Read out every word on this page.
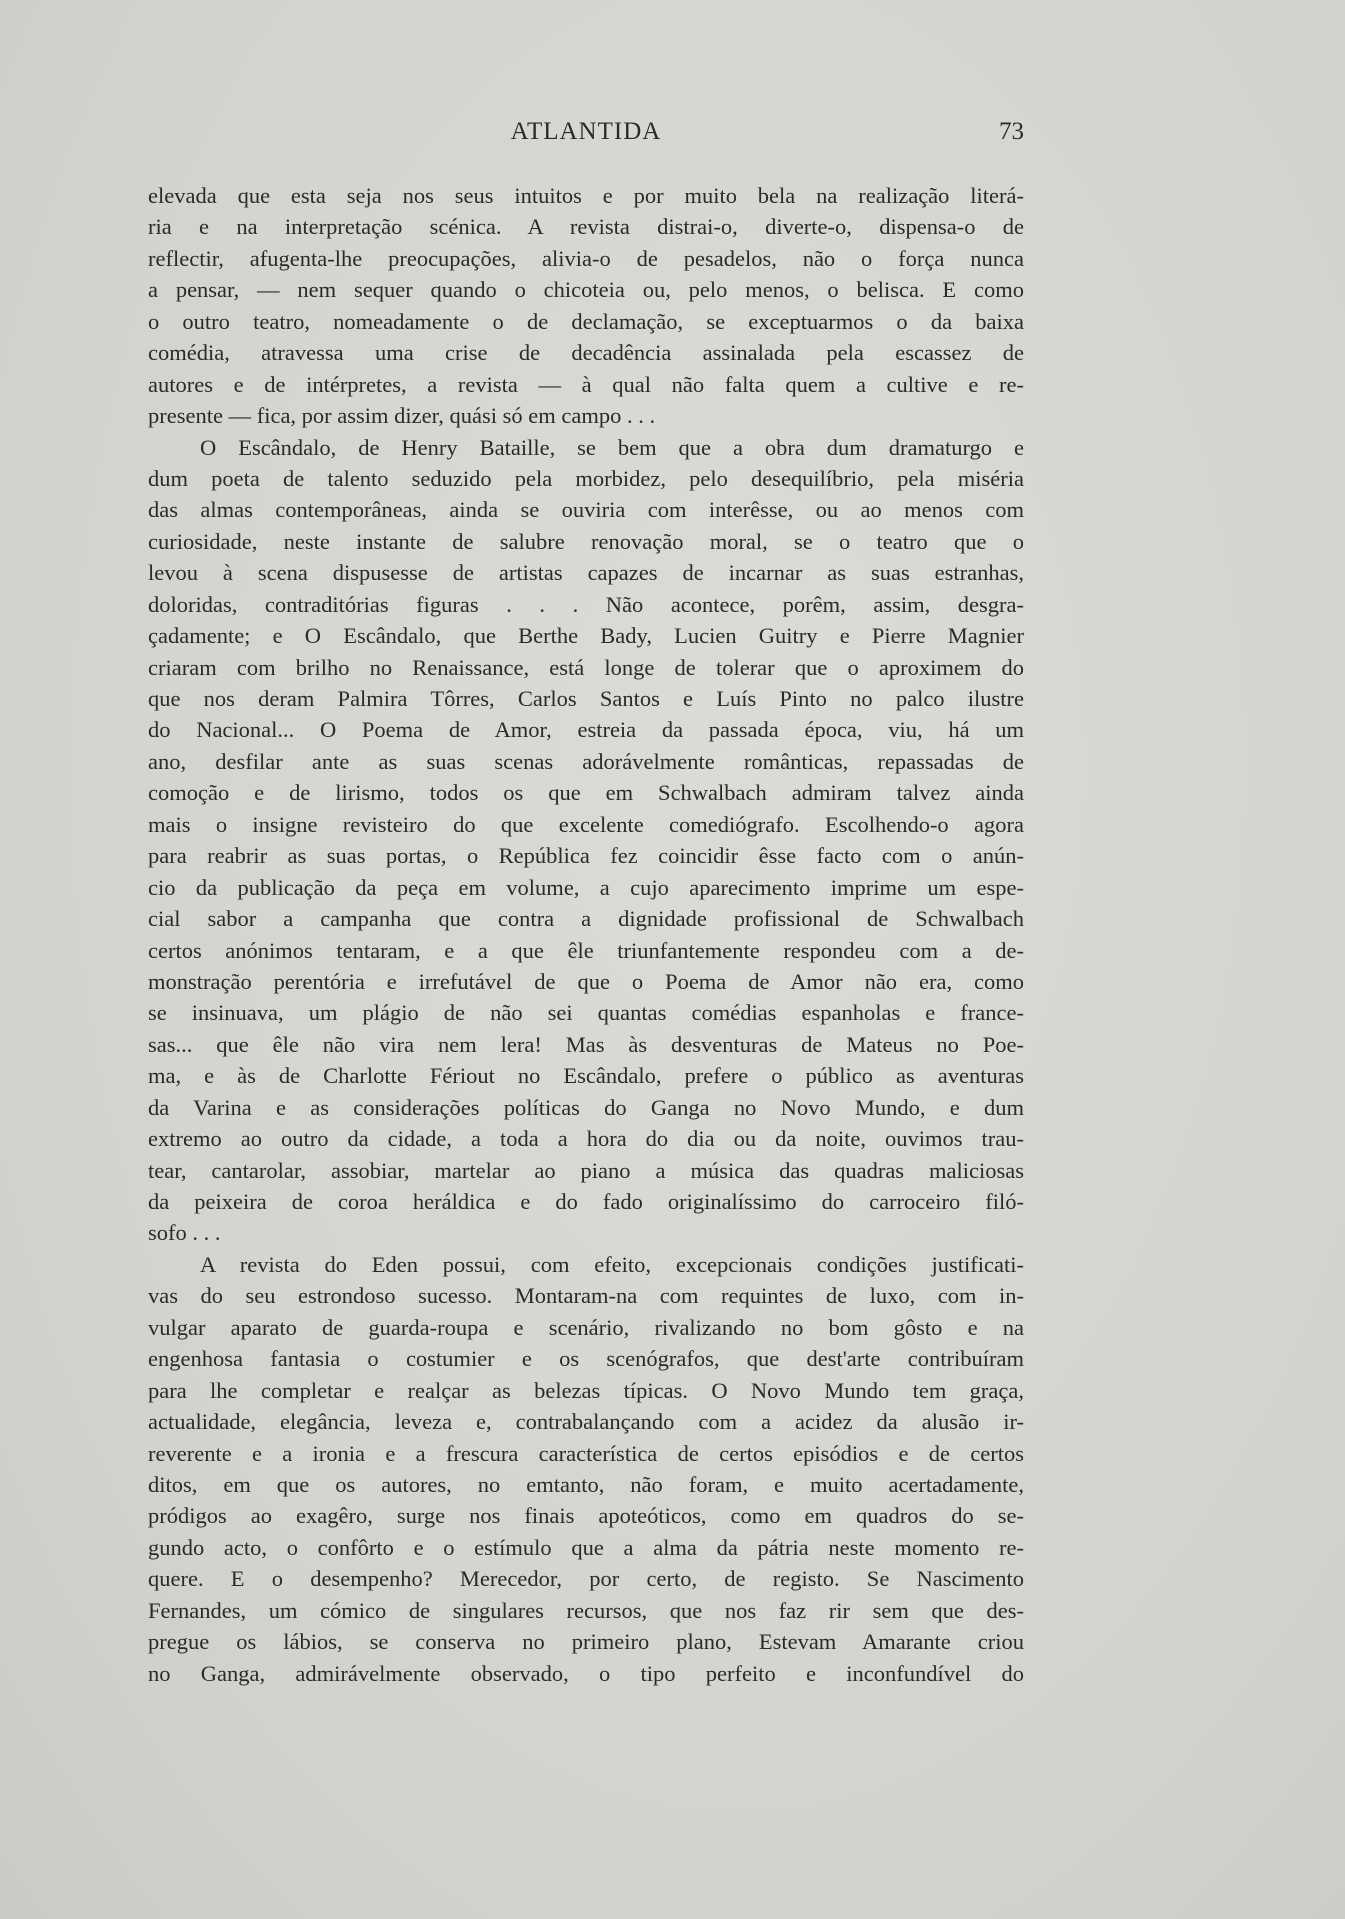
ATLANTIDA	73
elevada que esta seja nos seus intuitos e por muito bela na realização literá-
ria e na interpretação scénica. A revista distrai-o, diverte-o, dispensa-o de
reflectir, afugenta-lhe preocupações, alivia-o de pesadelos, não o força nunca
a pensar, — nem sequer quando o chicoteia ou, pelo menos, o belisca. E como
o outro teatro, nomeadamente o de declamação, se exceptuarmos o da baixa
comédia, atravessa uma crise de decadência assinalada pela escassez de
autores e de intérpretes, a revista — à qual não falta quem a cultive e re-
presente — fica, por assim dizer, quási só em campo . . .
O Escândalo, de Henry Bataille, se bem que a obra dum dramaturgo e
dum poeta de talento seduzido pela morbidez, pelo desequilíbrio, pela miséria
das almas contemporâneas, ainda se ouviria com interêsse, ou ao menos com
curiosidade, neste instante de salubre renovação moral, se o teatro que o
levou à scena dispusesse de artistas capazes de incarnar as suas estranhas,
doloridas, contraditórias figuras . . . Não acontece, porêm, assim, desgra-
çadamente; e O Escândalo, que Berthe Bady, Lucien Guitry e Pierre Magnier
criaram com brilho no Renaissance, está longe de tolerar que o aproximem do
que nos deram Palmira Tôrres, Carlos Santos e Luís Pinto no palco ilustre
do Nacional... O Poema de Amor, estreia da passada época, viu, há um
ano, desfilar ante as suas scenas adorávelmente românticas, repassadas de
comoção e de lirismo, todos os que em Schwalbach admiram talvez ainda
mais o insigne revisteiro do que excelente comediógrafo. Escolhendo-o agora
para reabrir as suas portas, o República fez coincidir êsse facto com o anún-
cio da publicação da peça em volume, a cujo aparecimento imprime um espe-
cial sabor a campanha que contra a dignidade profissional de Schwalbach
certos anónimos tentaram, e a que êle triunfantemente respondeu com a de-
monstração perentória e irrefutável de que o Poema de Amor não era, como
se insinuava, um plágio de não sei quantas comédias espanholas e france-
sas... que êle não vira nem lera! Mas às desventuras de Mateus no Poe-
ma, e às de Charlotte Fériout no Escândalo, prefere o público as aventuras
da Varina e as considerações políticas do Ganga no Novo Mundo, e dum
extremo ao outro da cidade, a toda a hora do dia ou da noite, ouvimos trau-
tear, cantarolar, assobiar, martelar ao piano a música das quadras maliciosas
da peixeira de coroa heráldica e do fado originalíssimo do carroceiro filó-
sofo . . .
A revista do Eden possui, com efeito, excepcionais condições justificati-
vas do seu estrondoso sucesso. Montaram-na com requintes de luxo, com in-
vulgar aparato de guarda-roupa e scenário, rivalizando no bom gôsto e na
engenhosa fantasia o costumier e os scenógrafos, que dest'arte contribuíram
para lhe completar e realçar as belezas típicas. O Novo Mundo tem graça,
actualidade, elegância, leveza e, contrabalançando com a acidez da alusão ir-
reverente e a ironia e a frescura característica de certos episódios e de certos
ditos, em que os autores, no emtanto, não foram, e muito acertadamente,
pródigos ao exagêro, surge nos finais apoteóticos, como em quadros do se-
gundo acto, o confôrto e o estímulo que a alma da pátria neste momento re-
quere. E o desempenho? Merecedor, por certo, de registo. Se Nascimento
Fernandes, um cómico de singulares recursos, que nos faz rir sem que des-
pregue os lábios, se conserva no primeiro plano, Estevam Amarante criou
no Ganga, admirávelmente observado, o tipo perfeito e inconfundível do
